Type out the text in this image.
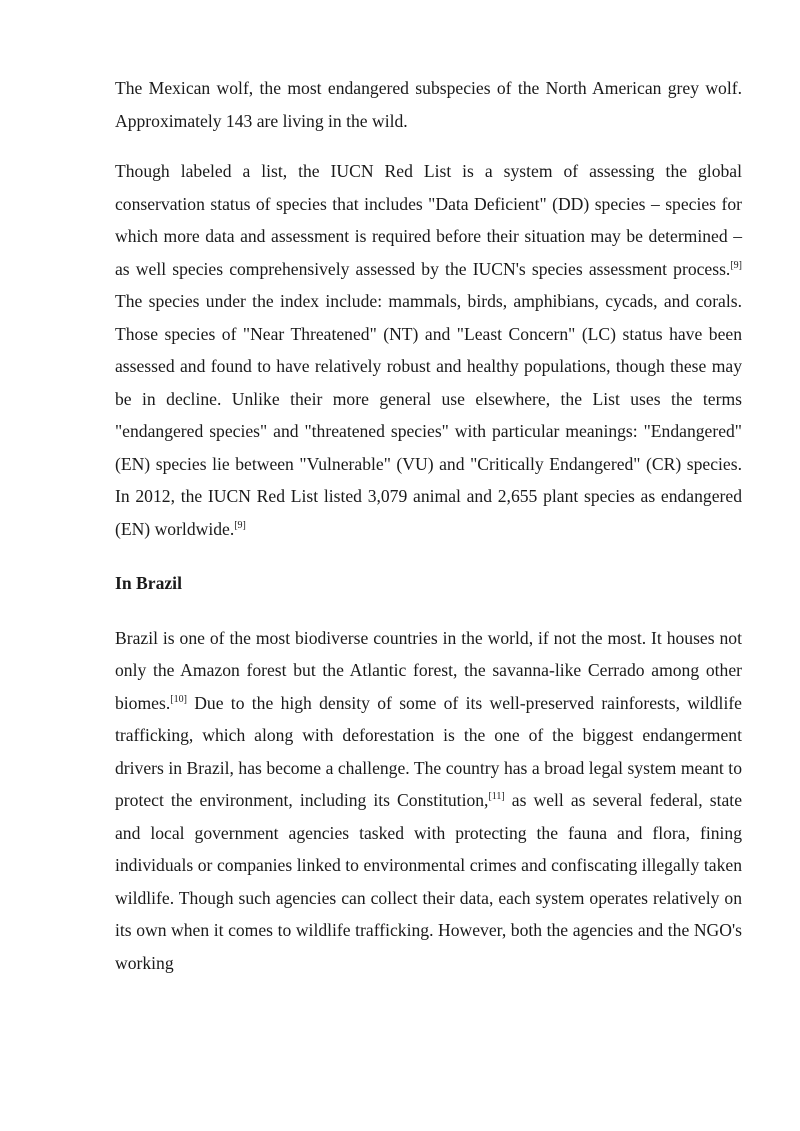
The Mexican wolf, the most endangered subspecies of the North American grey wolf. Approximately 143 are living in the wild.

Though labeled a list, the IUCN Red List is a system of assessing the global conservation status of species that includes "Data Deficient" (DD) species – species for which more data and assessment is required before their situation may be determined – as well species comprehensively assessed by the IUCN's species assessment process.[9] The species under the index include: mammals, birds, amphibians, cycads, and corals. Those species of "Near Threatened" (NT) and "Least Concern" (LC) status have been assessed and found to have relatively robust and healthy populations, though these may be in decline. Unlike their more general use elsewhere, the List uses the terms "endangered species" and "threatened species" with particular meanings: "Endangered" (EN) species lie between "Vulnerable" (VU) and "Critically Endangered" (CR) species. In 2012, the IUCN Red List listed 3,079 animal and 2,655 plant species as endangered (EN) worldwide.[9]

In Brazil

Brazil is one of the most biodiverse countries in the world, if not the most. It houses not only the Amazon forest but the Atlantic forest, the savanna-like Cerrado among other biomes.[10] Due to the high density of some of its well-preserved rainforests, wildlife trafficking, which along with deforestation is the one of the biggest endangerment drivers in Brazil, has become a challenge. The country has a broad legal system meant to protect the environment, including its Constitution,[11] as well as several federal, state and local government agencies tasked with protecting the fauna and flora, fining individuals or companies linked to environmental crimes and confiscating illegally taken wildlife. Though such agencies can collect their data, each system operates relatively on its own when it comes to wildlife trafficking. However, both the agencies and the NGO's working
